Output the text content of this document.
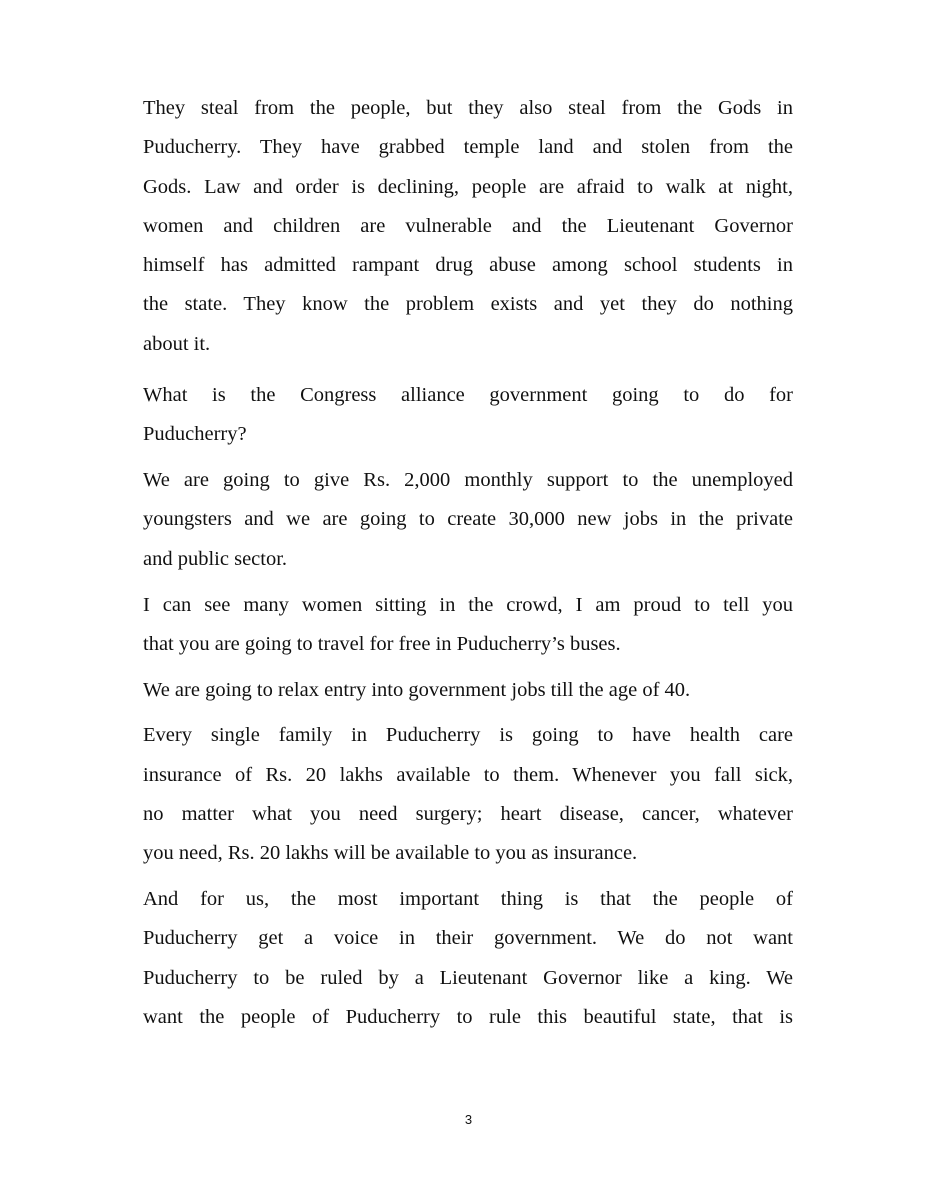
They steal from the people, but they also steal from the Gods in
Puducherry. They have grabbed temple land and stolen from the
Gods. Law and order is declining, people are afraid to walk at night,
women and children are vulnerable and the Lieutenant Governor
himself has admitted rampant drug abuse among school students in
the state. They know the problem exists and yet they do nothing
about it.
What is the Congress alliance government going to do for
Puducherry?
We are going to give Rs. 2,000 monthly support to the unemployed
youngsters and we are going to create 30,000 new jobs in the private
and public sector.
I can see many women sitting in the crowd, I am proud to tell you
that you are going to travel for free in Puducherry’s buses.
We are going to relax entry into government jobs till the age of 40.
Every single family in Puducherry is going to have health care
insurance of Rs. 20 lakhs available to them. Whenever you fall sick,
no matter what you need surgery; heart disease, cancer, whatever
you need, Rs. 20 lakhs will be available to you as insurance.
And for us, the most important thing is that the people of
Puducherry get a voice in their government. We do not want
Puducherry to be ruled by a Lieutenant Governor like a king. We
want the people of Puducherry to rule this beautiful state, that is
3
